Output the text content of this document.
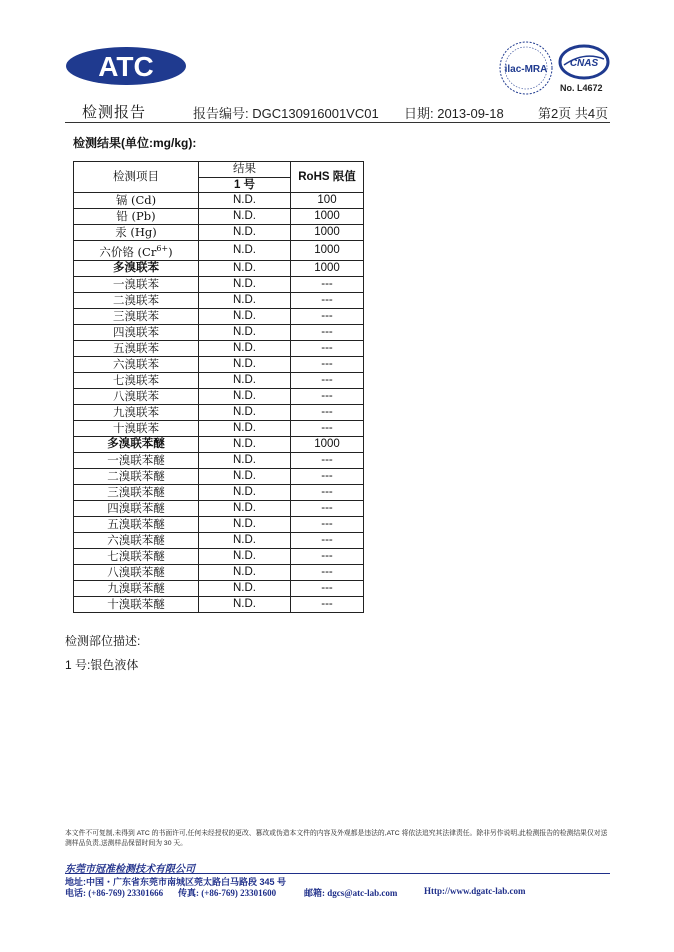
ATC	ilac-MRA
CNAS
No. L4672
检测报告	报告编号: DGC130916001VC01 日期: 2013-09-18	第2页 共4页
检测结果(单位:mg/kg):
检测项目	结果	RoHS 限值
	1 号	
镉 (Cd)	N.D.	100
铅 (Pb)	N.D.	1000
汞 (Hg)	N.D.	1000
六价铬 $(Cr^{6+})$	N.D.	1000
多溴联苯	N.D.	1000
一溴联苯	N.D.	---
二溴联苯	N.D.	---
三溴联苯	N.D.	---
四溴联苯	N.D.	---
五溴联苯	N.D.	---
六溴联苯	N.D.	---
七溴联苯	N.D.	---
八溴联苯	N.D.	---
九溴联苯	N.D.	---
十溴联苯	N.D.	---
多溴联苯醚	N.D.	1000
一溴联苯醚	N.D.	---
二溴联苯醚	N.D.	---
三溴联苯醚	N.D.	---
四溴联苯醚	N.D.	---
五溴联苯醚	N.D.	---
六溴联苯醚	N.D.	---
七溴联苯醚	N.D.	---
八溴联苯醚	N.D.	---
九溴联苯醚	N.D.	---
十溴联苯醚	N.D.	---
检测部位描述:
1 号:银色液体
本文件不可复制,未得到 ATC 的书面许可,任何未经授权的更改、篡改或伪造本文件的内容及外观都是违法的,ATC 将依法追究其法律责任。除非另作说明,此检测报告的检测结果仅对送测样品负责,送测样品保留时间为 30 天。
东莞市冠准检测技术有限公司
地址:中国・广东省东莞市南城区莞太路白马路段 345 号
电话: (+86-769) 23301666 传真: (+86-769) 23301600	邮箱: dgcs@atc-lab.com	Http://www.dgatc-lab.com
